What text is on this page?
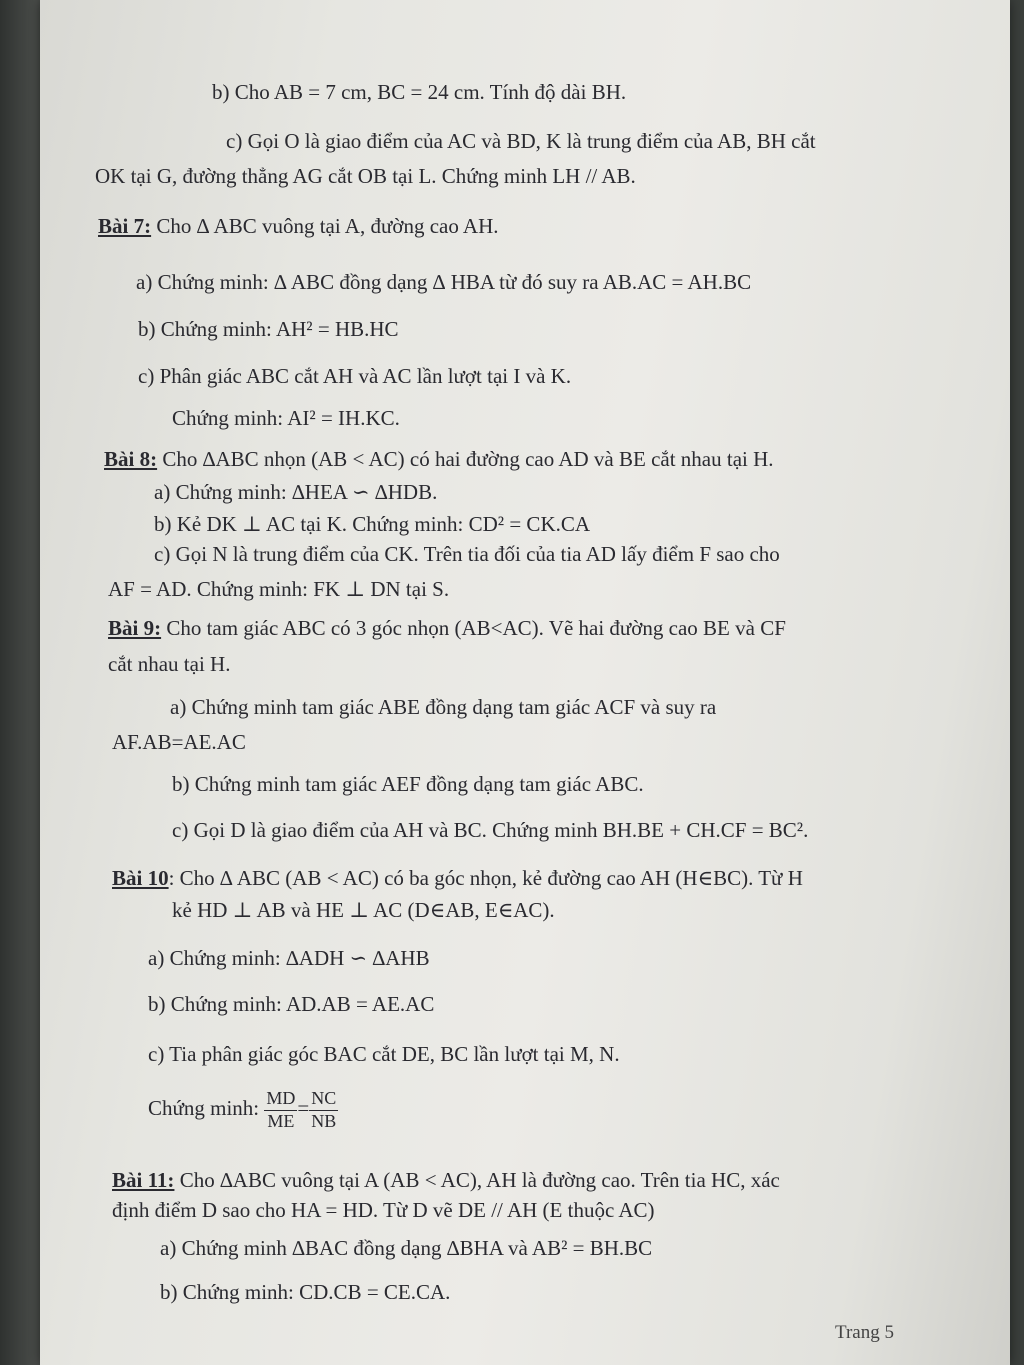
b) Cho AB = 7 cm, BC = 24 cm. Tính độ dài BH.
c) Gọi O là giao điểm của AC và BD, K là trung điểm của AB, BH cắt
OK tại G, đường thẳng AG cắt OB tại L. Chứng minh LH // AB.
Bài 7: Cho ∆ ABC vuông tại A, đường cao AH.
a) Chứng minh: ∆ ABC đồng dạng ∆ HBA từ đó suy ra AB.AC = AH.BC
b) Chứng minh: AH² = HB.HC
c) Phân giác ABC cắt AH và AC lần lượt tại I và K.
Chứng minh: AI² = IH.KC.
Bài 8: Cho ∆ABC nhọn (AB < AC) có hai đường cao AD và BE cắt nhau tại H.
a) Chứng minh: ∆HEA ∽ ∆HDB.
b) Kẻ DK ⊥ AC tại K. Chứng minh: CD² = CK.CA
c) Gọi N là trung điểm của CK. Trên tia đối của tia AD lấy điểm F sao cho
AF = AD. Chứng minh: FK ⊥ DN tại S.
Bài 9: Cho tam giác ABC có 3 góc nhọn (AB<AC). Vẽ hai đường cao BE và CF
cắt nhau tại H.
a) Chứng minh tam giác ABE đồng dạng tam giác ACF và suy ra
AF.AB=AE.AC
b) Chứng minh tam giác AEF đồng dạng tam giác ABC.
c) Gọi D là giao điểm của AH và BC. Chứng minh BH.BE + CH.CF = BC².
Bài 10: Cho ∆ ABC (AB < AC) có ba góc nhọn, kẻ đường cao AH (H∈BC). Từ H
kẻ HD ⊥ AB và HE ⊥ AC (D∈AB, E∈AC).
a) Chứng minh: ∆ADH ∽ ∆AHB
b) Chứng minh: AD.AB = AE.AC
c) Tia phân giác góc BAC cắt DE, BC lần lượt tại M, N.
Chứng minh: $\frac{MD}{ME} = \frac{NC}{NB}$
Bài 11: Cho ∆ABC vuông tại A (AB < AC), AH là đường cao. Trên tia HC, xác
định điểm D sao cho HA = HD. Từ D vẽ DE // AH (E thuộc AC)
a) Chứng minh ∆BAC đồng dạng ∆BHA và AB² = BH.BC
b) Chứng minh: CD.CB = CE.CA.
Trang 5
